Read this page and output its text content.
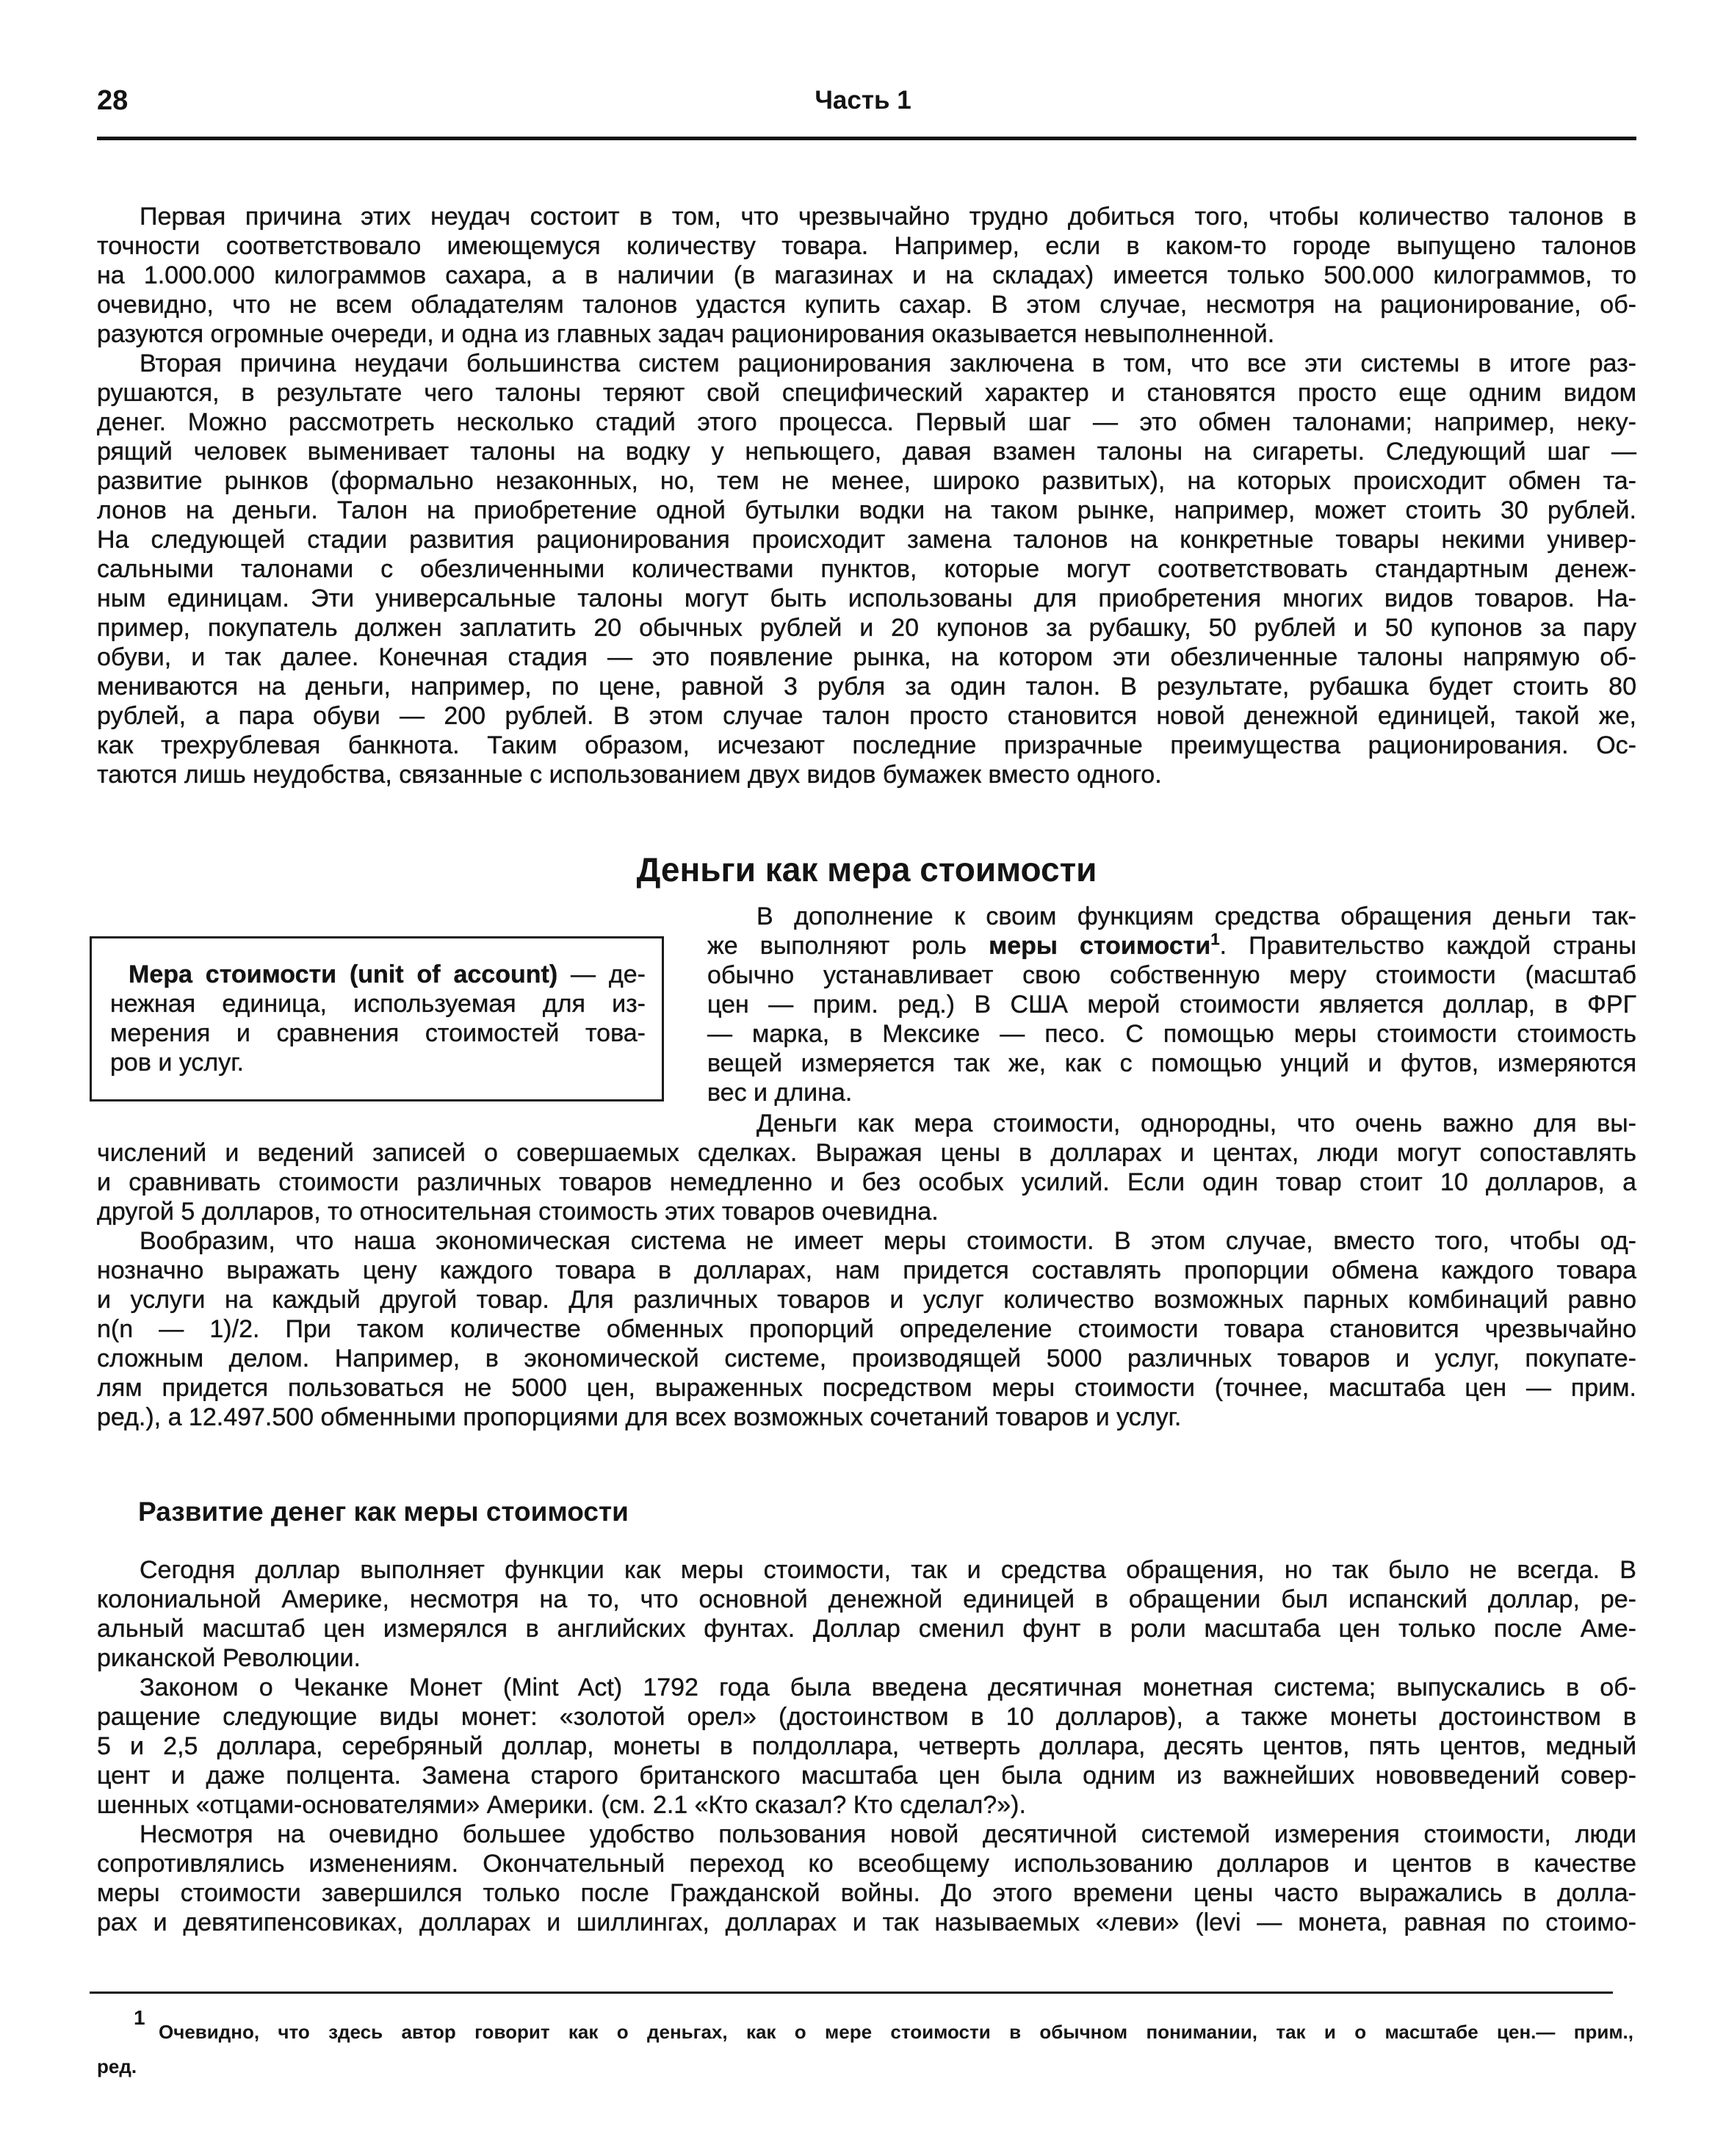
28	Часть 1
Первая причина этих неудач состоит в том, что чрезвычайно трудно добиться того, чтобы количество талонов в
точности соответствовало имеющемуся количеству товара. Например, если в каком-то городе выпущено талонов
на 1.000.000 килограммов сахара, а в наличии (в магазинах и на складах) имеется только 500.000 килограммов, то
очевидно, что не всем обладателям талонов удастся купить сахар. В этом случае, несмотря на рационирование, об-
разуются огромные очереди, и одна из главных задач рационирования оказывается невыполненной.
Вторая причина неудачи большинства систем рационирования заключена в том, что все эти системы в итоге раз-
рушаются, в результате чего талоны теряют свой специфический характер и становятся просто еще одним видом
денег. Можно рассмотреть несколько стадий этого процесса. Первый шаг — это обмен талонами; например, неку-
рящий человек выменивает талоны на водку у непьющего, давая взамен талоны на сигареты. Следующий шаг —
развитие рынков (формально незаконных, но, тем не менее, широко развитых), на которых происходит обмен та-
лонов на деньги. Талон на приобретение одной бутылки водки на таком рынке, например, может стоить 30 рублей.
На следующей стадии развития рационирования происходит замена талонов на конкретные товары некими универ-
сальными талонами с обезличенными количествами пунктов, которые могут соответствовать стандартным денеж-
ным единицам. Эти универсальные талоны могут быть использованы для приобретения многих видов товаров. На-
пример, покупатель должен заплатить 20 обычных рублей и 20 купонов за рубашку, 50 рублей и 50 купонов за пару
обуви, и так далее. Конечная стадия — это появление рынка, на котором эти обезличенные талоны напрямую об-
мениваются на деньги, например, по цене, равной 3 рубля за один талон. В результате, рубашка будет стоить 80
рублей, а пара обуви — 200 рублей. В этом случае талон просто становится новой денежной единицей, такой же,
как трехрублевая банкнота. Таким образом, исчезают последние призрачные преимущества рационирования. Ос-
таются лишь неудобства, связанные с использованием двух видов бумажек вместо одного.
Деньги как мера стоимости
Мера стоимости (unit of account) — де-
нежная единица, используемая для из-
мерения и сравнения стоимостей това-
ров и услуг.
В дополнение к своим функциям средства обращения деньги так-
же выполняют роль меры стоимости$^1$. Правительство каждой страны
обычно устанавливает свою собственную меру стоимости (масштаб
цен — прим. ред.) В США мерой стоимости является доллар, в ФРГ
— марка, в Мексике — песо. С помощью меры стоимости стоимость
вещей измеряется так же, как с помощью унций и футов, измеряются
вес и длина.
Деньги как мера стоимости, однородны, что очень важно для вы-
числений и ведений записей о совершаемых сделках. Выражая цены в долларах и центах, люди могут сопоставлять
и сравнивать стоимости различных товаров немедленно и без особых усилий. Если один товар стоит 10 долларов, а
другой 5 долларов, то относительная стоимость этих товаров очевидна.
Вообразим, что наша экономическая система не имеет меры стоимости. В этом случае, вместо того, чтобы од-
нозначно выражать цену каждого товара в долларах, нам придется составлять пропорции обмена каждого товара
и услуги на каждый другой товар. Для различных товаров и услуг количество возможных парных комбинаций равно
n(n — 1)/2. При таком количестве обменных пропорций определение стоимости товара становится чрезвычайно
сложным делом. Например, в экономической системе, производящей 5000 различных товаров и услуг, покупате-
лям придется пользоваться не 5000 цен, выраженных посредством меры стоимости (точнее, масштаба цен — прим.
ред.), а 12.497.500 обменными пропорциями для всех возможных сочетаний товаров и услуг.
Развитие денег как меры стоимости
Сегодня доллар выполняет функции как меры стоимости, так и средства обращения, но так было не всегда. В
колониальной Америке, несмотря на то, что основной денежной единицей в обращении был испанский доллар, ре-
альный масштаб цен измерялся в английских фунтах. Доллар сменил фунт в роли масштаба цен только после Аме-
риканской Революции.
Законом о Чеканке Монет (Mint Act) 1792 года была введена десятичная монетная система; выпускались в об-
ращение следующие виды монет: «золотой орел» (достоинством в 10 долларов), а также монеты достоинством в
5 и 2,5 доллара, серебряный доллар, монеты в полдоллара, четверть доллара, десять центов, пять центов, медный
цент и даже полцента. Замена старого британского масштаба цен была одним из важнейших нововведений совер-
шенных «отцами-основателями» Америки. (см. 2.1 «Кто сказал? Кто сделал?»).
Несмотря на очевидно большее удобство пользования новой десятичной системой измерения стоимости, люди
сопротивлялись изменениям. Окончательный переход ко всеобщему использованию долларов и центов в качестве
меры стоимости завершился только после Гражданской войны. До этого времени цены часто выражались в долла-
рах и девятипенсовиках, долларах и шиллингах, долларах и так называемых «леви» (levi — монета, равная по стоимо-
1
Очевидно, что здесь автор говорит как о деньгах, как о мере стоимости в обычном понимании, так и о масштабе цен.— прим.,
ред.
